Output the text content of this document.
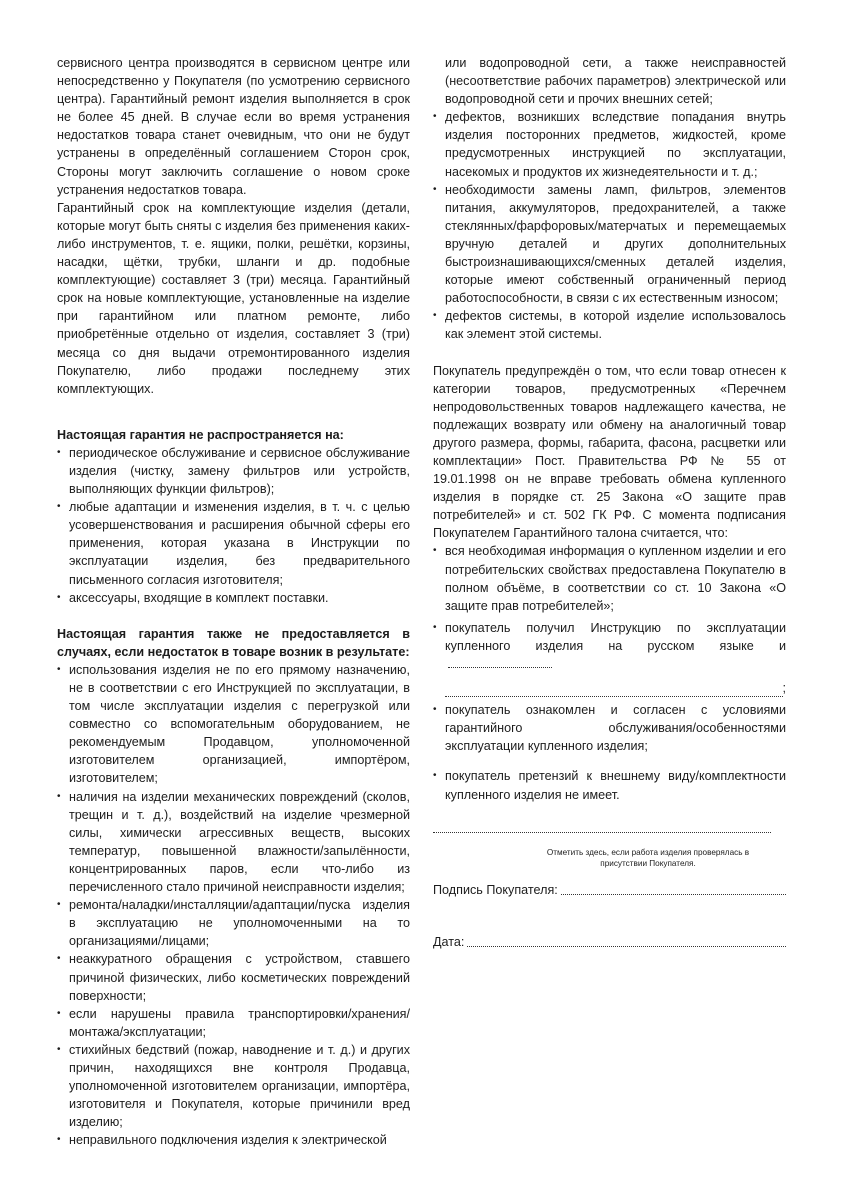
сервисного центра производятся в сервисном центре или непосредственно у Покупателя (по усмотрению сервисного центра). Гарантийный ремонт изделия выполняется в срок не более 45 дней. В случае если во время устранения недостатков товара станет очевидным, что они не будут устранены в определённый соглашением Сторон срок, Стороны могут заключить соглашение о новом сроке устранения недостатков товара.

Гарантийный срок на комплектующие изделия (детали, которые могут быть сняты с изделия без применения каких-либо инструментов, т. е. ящики, полки, решётки, корзины, насадки, щётки, трубки, шланги и др. подобные комплектующие) составляет 3 (три) месяца. Гарантийный срок на новые комплектующие, установленные на изделие при гарантийном или платном ремонте, либо приобретённые отдельно от изделия, составляет 3 (три) месяца со дня выдачи отремонтированного изделия Покупателю, либо продажи последнему этих комплектующих.

Настоящая гарантия не распространяется на:

• периодическое обслуживание и сервисное обслуживание изделия (чистку, замену фильтров или устройств, выполняющих функции фильтров);
• любые адаптации и изменения изделия, в т. ч. с целью усовершенствования и расширения обычной сферы его применения, которая указана в Инструкции по эксплуатации изделия, без предварительного письменного согласия изготовителя;
• аксессуары, входящие в комплект поставки.

Настоящая гарантия также не предоставляется в случаях, если недостаток в товаре возник в результате:

• использования изделия не по его прямому назначению, не в соответствии с его Инструкцией по эксплуатации, в том числе эксплуатации изделия с перегрузкой или совместно со вспомогательным оборудованием, не рекомендуемым Продавцом, уполномоченной изготовителем организацией, импортёром, изготовителем;
• наличия на изделии механических повреждений (сколов, трещин и т. д.), воздействий на изделие чрезмерной силы, химически агрессивных веществ, высоких температур, повышенной влажности/запылённости, концентрированных паров, если что-либо из перечисленного стало причиной неисправности изделия;
• ремонта/наладки/инсталляции/адаптации/пуска изделия в эксплуатацию не уполномоченными на то организациями/лицами;
• неаккуратного обращения с устройством, ставшего причиной физических, либо косметических повреждений поверхности;
• если нарушены правила транспортировки/хранения/монтажа/эксплуатации;
• стихийных бедствий (пожар, наводнение и т. д.) и других причин, находящихся вне контроля Продавца, уполномоченной изготовителем организации, импортёра, изготовителя и Покупателя, которые причинили вред изделию;
• неправильного подключения изделия к электрической

или водопроводной сети, а также неисправностей (несоответствие рабочих параметров) электрической или водопроводной сети и прочих внешних сетей;

• дефектов, возникших вследствие попадания внутрь изделия посторонних предметов, жидкостей, кроме предусмотренных инструкцией по эксплуатации, насекомых и продуктов их жизнедеятельности и т. д.;
• необходимости замены ламп, фильтров, элементов питания, аккумуляторов, предохранителей, а также стеклянных/фарфоровых/матерчатых и перемещаемых вручную деталей и других дополнительных быстроизнашивающихся/сменных деталей изделия, которые имеют собственный ограниченный период работоспособности, в связи с их естественным износом;
• дефектов системы, в которой изделие использовалось как элемент этой системы.

Покупатель предупреждён о том, что если товар отнесен к категории товаров, предусмотренных «Перечнем непродовольственных товаров надлежащего качества, не подлежащих возврату или обмену на аналогичный товар другого размера, формы, габарита, фасона, расцветки или комплектации» Пост. Правительства РФ № 55 от 19.01.1998 он не вправе требовать обмена купленного изделия в порядке ст. 25 Закона «О защите прав потребителей» и ст. 502 ГК РФ. С момента подписания Покупателем Гарантийного талона считается, что:

• вся необходимая информация о купленном изделии и его потребительских свойствах предоставлена Покупателю в полном объёме, в соответствии со ст. 10 Закона «О защите прав потребителей»;
• покупатель получил Инструкцию по эксплуатации купленного изделия на русском языке и
;
• покупатель ознакомлен и согласен с условиями гарантийного обслуживания/особенностями эксплуатации купленного изделия;
• покупатель претензий к внешнему виду/комплектности купленного изделия не имеет.
Отметить здесь, если работа изделия проверялась в присутствии Покупателя.
Подпись Покупателя:
Дата:
